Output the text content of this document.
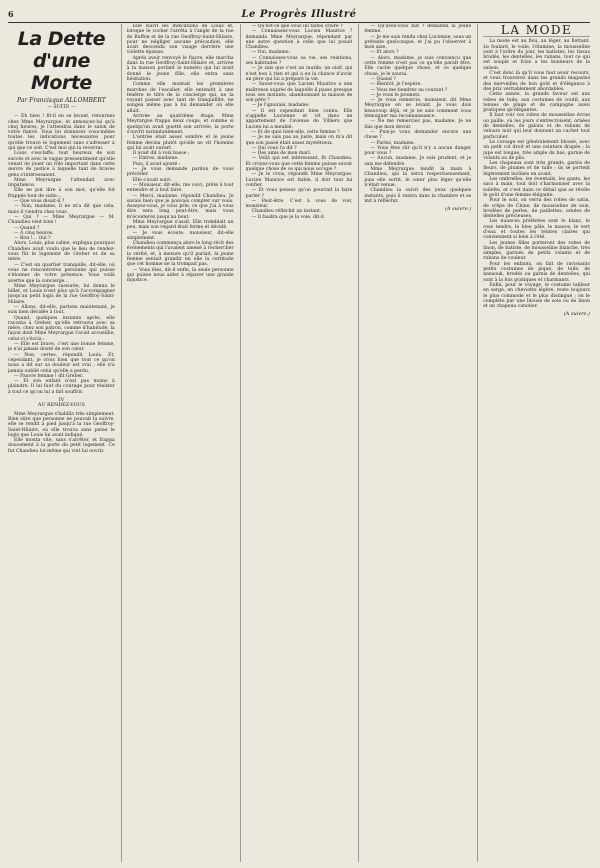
6	Le Progrès Illustré
La Dette d'une Morte
Par Francisque ALLOMBERT
— SUITE —

— Eh bien ! fit-il en se levant, retournez chez Mme Meyrargue, et annoncez-lui qu'à cinq heures, je l'attendrai dans le salon de votre fiancé. Vous lui donnerez vous-même toutes les indications nécessaires pour qu'elle trouve le logement sans s'adresser à qui que ce soit. C'est moi qui la recevrai.

Louis s'esclaffe, tout heureux de son succès et avec le vague pressentiment qu'elle venait de jouer un rôle important dans cette œuvre de justice à laquelle tant de braves gens s'intéressaient.

Mme Meyrargue l'attendait avec impatience.

Elle ne put dire à son mot, qu'elle fut frappée tout de suite…

— Que vous disait-il ?

— Non, madame, il ne m'a dit que cela, mais il viendra chez vous.

— Qui ? — Mme Meyrargue — M. Chandieu veut bien !

— Quand ?

— A cinq heures.

— Bon !… Oui ?

Alors, Louis, plus calme, expliqua pourquoi Chandieu avait voulu que le lieu de rendez-vous fût le logement de Greber et de sa mère.

— C'est un quartier tranquille, dit-elle, où vous ne rencontrerez personne qui puisse s'étonner de votre présence. Vous voilà avertie que la concierge…

Mme Meyrargue rassurée, lui donna le billet, et Louis n'eut plus qu'à l'accompagner jusqu'au petit logis de la rue Geoffroy-Saint-Hilaire.

— Allons, dit-elle, partons maintenant, je suis bien décidée à tout.

Quand, quelques instants après, elle raconta à Greber, qu'elle retrouva avec sa mère, chez son patron, comme d'habitude, la façon dont Mme Meyrargue l'avait accueillie, celui-ci s'écria :

— Elle est brave, c'est une bonne femme, je n'ai jamais douté de son cœur.

— Non, certes, répondit Louis. Et, cependant, je crois bien que tout ce qu'on nous a dit sur sa douleur est vrai ; elle n'a jamais oublié celui qu'elle a perdu.

— Pauvre femme ! dit Greber.

— Et son enfant n'est pas moins à plaindre. Il lui faut du courage pour résister à tout ce qu'on lui a fait souffrir.

IV
AU RENDEZ-VOUS

Mme Meyrargue s'habilla très simplement. Bien sûre que personne ne pouvait la suivre, elle se rendit à pied jusqu'à la rue Geoffroy-Saint-Hilaire, où elle trouva sans peine le logis que Louis lui avait indiqué.

Elle monta vite, sans s'arrêter, et frappa doucement à la porte du petit logement. Ce fut Chandieu lui-même qui vint lui ouvrir.

Elle suivit les indications de Louis et, lorsque le cocher l'arrêta à l'angle de la rue de Buffon et de la rue Geoffroy-Saint-Hilaire, pour ne négliger aucune précaution, elle avait descendu son visage derrière une voilette épaisse.

Après avoir renvoyé le fiacre, elle marcha dans la rue Geoffroy-Saint-Hilaire et, arrivée à la maison portant le numéro qui lui avait donné le jeune fille, elle entra sans hésitation.

Comme elle montait les premières marches de l'escalier, elle entendit à une fenêtre le titre de la concierge qui, ne la voyant passer avec tant de tranquillité, ne songea même pas à lui demander où elle allait.

Arrivée au quatrième étage, Mme Meyrargue frappa deux coups, et comme si quelqu'un avait guetté son arrivée, la porte s'ouvrit instantanément.

L'entrée était assez sombre et le jeune femme devina plutôt qu'elle ne vit l'homme qui lui avait ouvert.

Il avait dit à voix basse :

— Entrez, madame.

Puis, il avait ajouté :

— Je vous demande pardon de vous précéder.

Elle s'avait suivi.

— Monsieur, dit-elle, me voici, prête à tout entendre et à tout faire.

— Merci, madame, répondit Chandieu. Je savais bien que je pouvais compter sur vous. Asseyez-vous, je vous prie, ce que j'ai à vous dire sera long peut-être, mais vous m'écouterez jusqu'au bout.

Mme Meyrargue s'assit. Elle tremblait un peu, mais son regard était ferme et décidé.

— Je vous écoute, monsieur, dit-elle simplement.

Chandieu commença alors le long récit des événements qui l'avaient amené à rechercher la vérité, et, à mesure qu'il parlait, la jeune femme sentait grandir en elle la certitude que cet homme ne la trompait pas.

— Vous êtes, dit-il enfin, la seule personne qui puisse nous aider à réparer une grande injustice.

— Qu'est-ce que vous lui faites croire ?

— Connaissez-vous Lucien Maurice ? demanda Mme Meyrargue, répondant par une autre question à celle que lui posait Chandieu.

— Oui, madame.

— Connaissez-vous sa vie, ses relations, ses habitudes ?

— Je sais que c'est un inutile, un oisif, qui n'est bon à rien et qui a eu la chance d'avoir un père qui lui a préparé la vie.

— Savez-vous que Lucien Maurice a une maîtresse auprès de laquelle il passe presque tous ses instants, abandonnant la maison de son père ?

— Je l'ignorais, madame.

— Il est cependant bien connu. Elle s'appelle Lucienne et vit dans un appartement de l'avenue de Villiers que Lucien lui a meublé.

— Et de quoi tient-elle, cette femme ?

— Je ne sais pas au juste, mais on m'a dit que son passé était assez mystérieux.

— Qui vous l'a dit ?

— Des amis de mon mari.

— Voilà qui est intéressant, fit Chandieu. Et croyez-vous que cette femme puisse savoir quelque chose de ce qui nous occupe ?

— Je le crois, répondit Mme Meyrargue. Lucien Maurice est faible, il doit tout lui confier.

— Et vous pensez qu'on pourrait la faire parler ?

— Peut-être. C'est à vous de voir, monsieur.

Chandieu réfléchit un instant.

— Il faudra que je la voie, dit-il.

— Qu'avez-vous fait ? demanda la jeune femme.

— Je me suis rendu chez Lucienne, sous un prétexte quelconque, et j'ai pu l'observer à mon aise.

— Et alors ?

— Alors, madame, je suis convaincu que cette femme n'est pas ce qu'elle paraît être. Elle cache quelque chose, et ce quelque chose, je le saurai.

— Quand ?

— Bientôt, je l'espère.

— Vous me tiendrez au courant ?

— Je vous le promets.

— Je vous remercie, monsieur, dit Mme Meyrargue en se levant. Je vous dois beaucoup déjà, et je ne sais comment vous témoigner ma reconnaissance.

— Ne me remerciez pas, madame. Je ne fais que mon devoir.

— Puis-je vous demander encore une chose ?

— Parlez, madame.

— Vous êtes sûr qu'il n'y a aucun danger pour vous ?

— Aucun, madame. Je suis prudent, et je sais me défendre.

Mme Meyrargue tendit la main à Chandieu, qui la serra respectueusement, puis elle sortit, le cœur plus léger qu'elle n'était venue.

Chandieu la suivit des yeux quelques instants, puis il rentra dans la chambre et se mit à réfléchir.

(A suivre.)
LA MODE

La mode est au flou, au léger, au flottant. Le foulard, le voile, l'étamine, la mousseline sont à l'ordre du jour, les batistes, les tissus brodés, les dentelles, les rubans, tout ce qui est souple et frais a les honneurs de la saison.

C'est donc là qu'il vous faut avoir recours, et vous trouverez dans les grands magasins des merveilles de bon goût et d'élégance à des prix véritablement abordables.

Cette année, la grande faveur est aux robes de toile, aux costumes de coutil, aux tenues de plage et de campagne aussi pratiques qu'élégantes.

Il faut voir ces robes de mousseline écrue ou paille, où les jours s'entrecroisent, ornées de dentelles, de galons et de rubans de velours noir qui leur donnent un cachet tout particulier.

Le corsage est généralement blousé, avec un petit col droit et une ceinture drapée ; la jupe est longue, très ample du bas, garnie de volants ou de plis.

Les chapeaux sont très grands, garnis de fleurs, de plumes et de tulle ; ils se portent légèrement inclinés en avant.

Les ombrelles, les éventails, les gants, les sacs à main, tout doit s'harmoniser avec la toilette, et c'est dans ce détail que se révèle le goût d'une femme élégante.

Pour le soir, on verra des robes de satin, de crêpe de Chine, de mousseline de soie, brodées de perles, de paillettes, ornées de dentelles précieuses.

Les nuances préférées sont le blanc, le rose tendre, le bleu pâle, le mauve, le vert d'eau et toutes les teintes claires qui conviennent si bien à l'été.

Les jeunes filles porteront des robes de linon, de batiste, de mousseline blanche, très simples, garnies de petits volants et de rubans de couleur.

Pour les enfants, on fait de ravissants petits costumes de piqué, de toile, de nansouk, brodés ou garnis de dentelles, qui sont à la fois pratiques et charmants.

Enfin, pour le voyage, le costume tailleur en serge, en cheviotte légère, reste toujours le plus commode et le plus distingué ; on le complète par une blouse de soie ou de linon et un chapeau canotier.

(A suivre.)
